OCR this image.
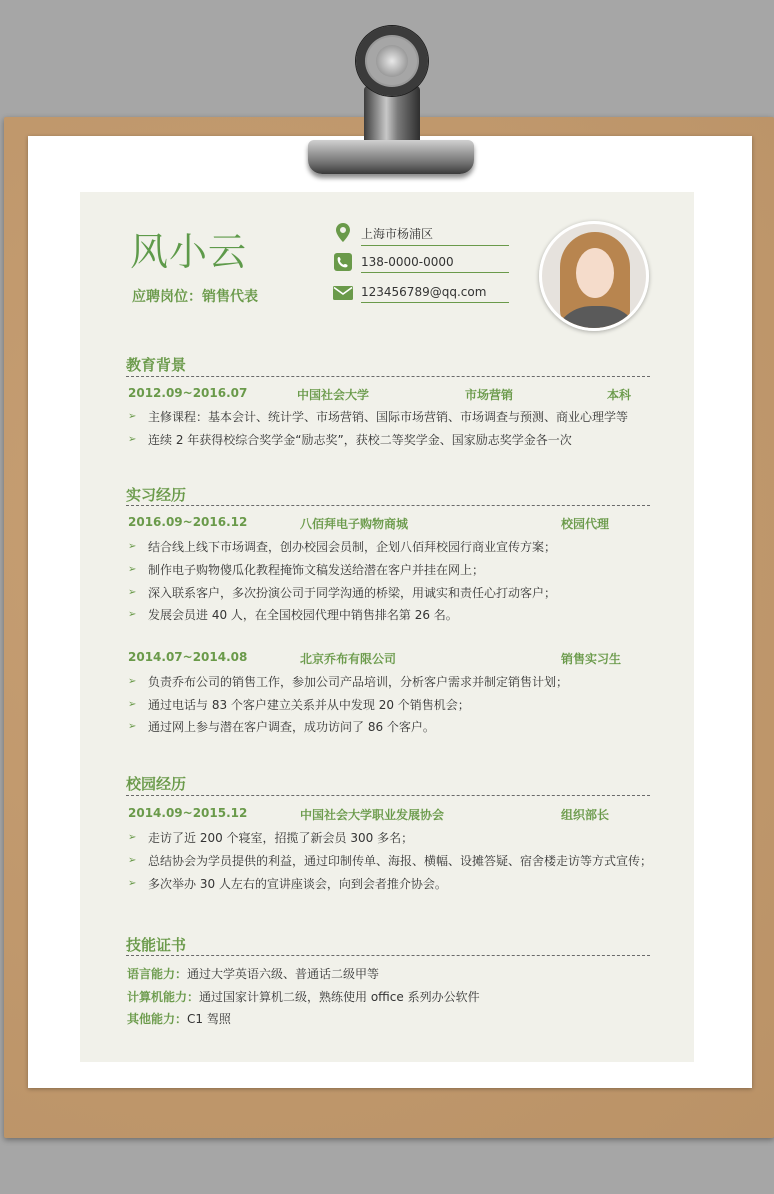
风小云
应聘岗位：销售代表
上海市杨浦区
138-0000-0000
123456789@qq.com
教育背景
2012.09~2016.07	中国社会大学	市场营销	本科
➢ 主修课程：基本会计、统计学、市场营销、国际市场营销、市场调查与预测、商业心理学等
➢ 连续 2 年获得校综合奖学金“励志奖”，获校二等奖学金、国家励志奖学金各一次
实习经历
2016.09~2016.12	八佰拜电子购物商城	校园代理
➢ 结合线上线下市场调查，创办校园会员制，企划八佰拜校园行商业宣传方案；
➢ 制作电子购物傻瓜化教程掩饰文稿发送给潜在客户并挂在网上；
➢ 深入联系客户，多次扮演公司于同学沟通的桥梁，用诚实和责任心打动客户；
➢ 发展会员进 40 人，在全国校园代理中销售排名第 26 名。
2014.07~2014.08	北京乔布有限公司	销售实习生
➢ 负责乔布公司的销售工作，参加公司产品培训，分析客户需求并制定销售计划；
➢ 通过电话与 83 个客户建立关系并从中发现 20 个销售机会；
➢ 通过网上参与潜在客户调查，成功访问了 86 个客户。
校园经历
2014.09~2015.12	中国社会大学职业发展协会	组织部长
➢ 走访了近 200 个寝室，招揽了新会员 300 多名；
➢ 总结协会为学员提供的利益，通过印制传单、海报、横幅、设摊答疑、宿舍楼走访等方式宣传；
➢ 多次举办 30 人左右的宣讲座谈会，向到会者推介协会。
技能证书
语言能力：通过大学英语六级、普通话二级甲等
计算机能力：通过国家计算机二级，熟练使用 office 系列办公软件
其他能力：C1 驾照
